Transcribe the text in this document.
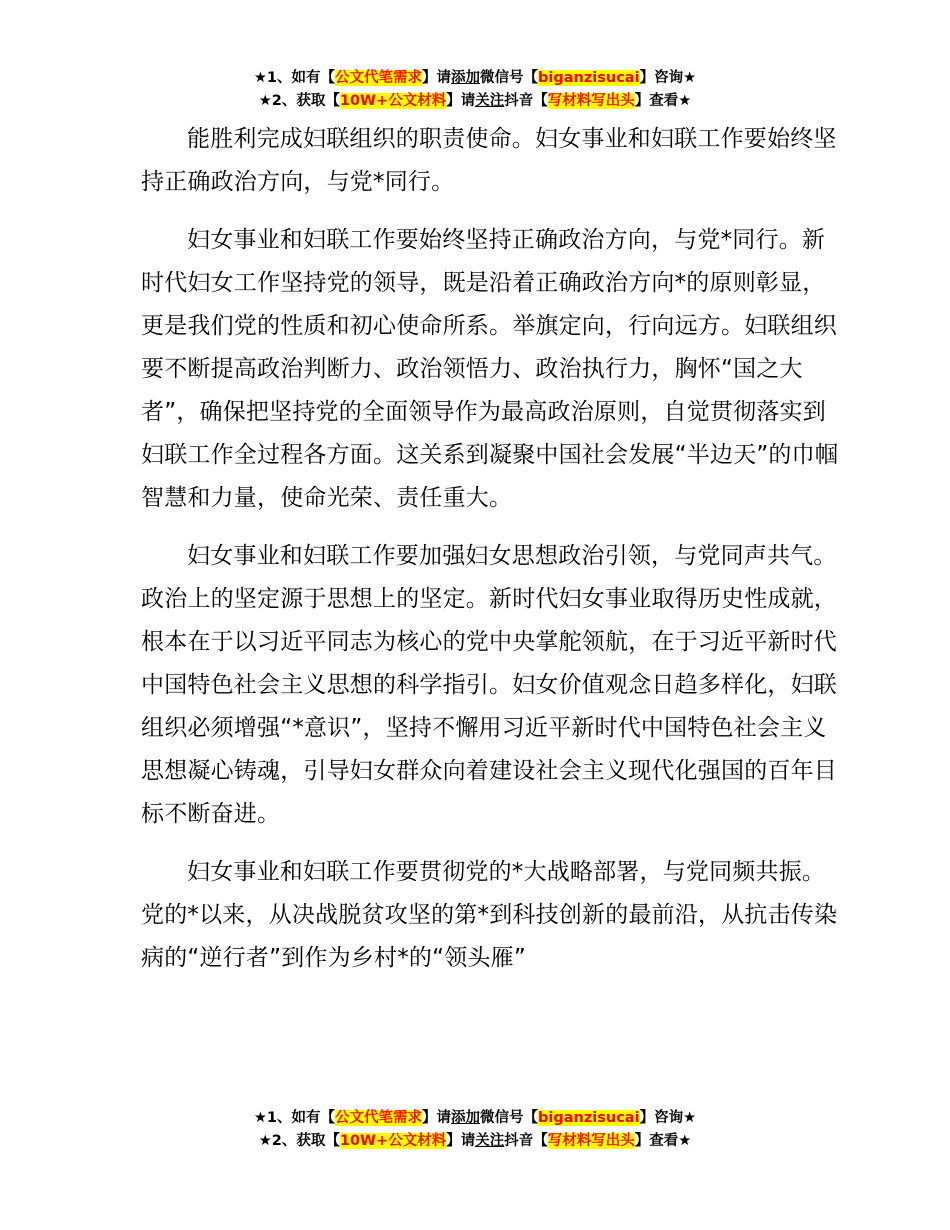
★1、如有【公文代笔需求】请添加微信号【biganzisucai】咨询★
★2、获取【10W+公文材料】请关注抖音【写材料写出头】查看★

能胜利完成妇联组织的职责使命。妇女事业和妇联工作要始终坚持正确政治方向，与党*同行。

妇女事业和妇联工作要始终坚持正确政治方向，与党*同行。新时代妇女工作坚持党的领导，既是沿着正确政治方向*的原则彰显，更是我们党的性质和初心使命所系。举旗定向，行向远方。妇联组织要不断提高政治判断力、政治领悟力、政治执行力，胸怀“国之大者”，确保把坚持党的全面领导作为最高政治原则，自觉贯彻落实到妇联工作全过程各方面。这关系到凝聚中国社会发展“半边天”的巾帼智慧和力量，使命光荣、责任重大。

妇女事业和妇联工作要加强妇女思想政治引领，与党同声共气。政治上的坚定源于思想上的坚定。新时代妇女事业取得历史性成就，根本在于以习近平同志为核心的党中央掌舵领航，在于习近平新时代中国特色社会主义思想的科学指引。妇女价值观念日趋多样化，妇联组织必须增强“*意识”，坚持不懈用习近平新时代中国特色社会主义思想凝心铸魂，引导妇女群众向着建设社会主义现代化强国的百年目标不断奋进。

妇女事业和妇联工作要贯彻党的*大战略部署，与党同频共振。党的*以来，从决战脱贫攻坚的第*到科技创新的最前沿，从抗击传染病的“逆行者”到作为乡村*的“领头雁”

★1、如有【公文代笔需求】请添加微信号【biganzisucai】咨询★
★2、获取【10W+公文材料】请关注抖音【写材料写出头】查看★
